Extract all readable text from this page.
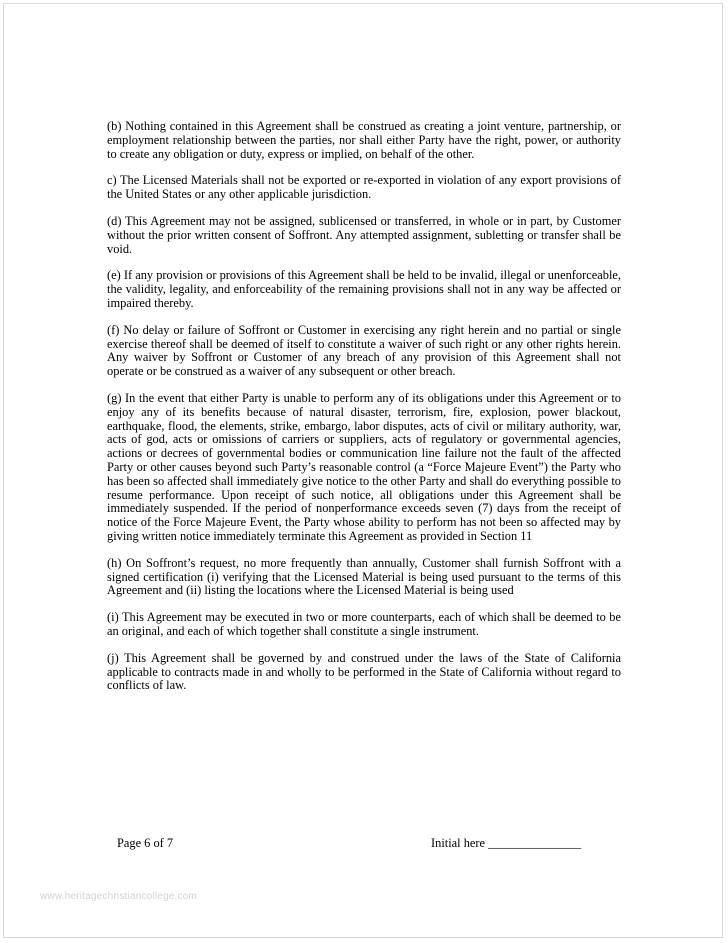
(b) Nothing contained in this Agreement shall be construed as creating a joint venture, partnership, or employment relationship between the parties, nor shall either Party have the right, power, or authority to create any obligation or duty, express or implied, on behalf of the other.

c) The Licensed Materials shall not be exported or re-exported in violation of any export provisions of the United States or any other applicable jurisdiction.

(d) This Agreement may not be assigned, sublicensed or transferred, in whole or in part, by Customer without the prior written consent of Soffront. Any attempted assignment, subletting or transfer shall be void.

(e) If any provision or provisions of this Agreement shall be held to be invalid, illegal or unenforceable, the validity, legality, and enforceability of the remaining provisions shall not in any way be affected or impaired thereby.

(f) No delay or failure of Soffront or Customer in exercising any right herein and no partial or single exercise thereof shall be deemed of itself to constitute a waiver of such right or any other rights herein. Any waiver by Soffront or Customer of any breach of any provision of this Agreement shall not operate or be construed as a waiver of any subsequent or other breach.

(g) In the event that either Party is unable to perform any of its obligations under this Agreement or to enjoy any of its benefits because of natural disaster, terrorism, fire, explosion, power blackout, earthquake, flood, the elements, strike, embargo, labor disputes, acts of civil or military authority, war, acts of god, acts or omissions of carriers or suppliers, acts of regulatory or governmental agencies, actions or decrees of governmental bodies or communication line failure not the fault of the affected Party or other causes beyond such Party’s reasonable control (a “Force Majeure Event”) the Party who has been so affected shall immediately give notice to the other Party and shall do everything possible to resume performance. Upon receipt of such notice, all obligations under this Agreement shall be immediately suspended. If the period of nonperformance exceeds seven (7) days from the receipt of notice of the Force Majeure Event, the Party whose ability to perform has not been so affected may by giving written notice immediately terminate this Agreement as provided in Section 11

(h) On Soffront’s request, no more frequently than annually, Customer shall furnish Soffront with a signed certification (i) verifying that the Licensed Material is being used pursuant to the terms of this Agreement and (ii) listing the locations where the Licensed Material is being used

(i) This Agreement may be executed in two or more counterparts, each of which shall be deemed to be an original, and each of which together shall constitute a single instrument.

(j) This Agreement shall be governed by and construed under the laws of the State of California applicable to contracts made in and wholly to be performed in the State of California without regard to conflicts of law.

Page 6 of 7	Initial here _______________
www.heritagechristiancollege.com
